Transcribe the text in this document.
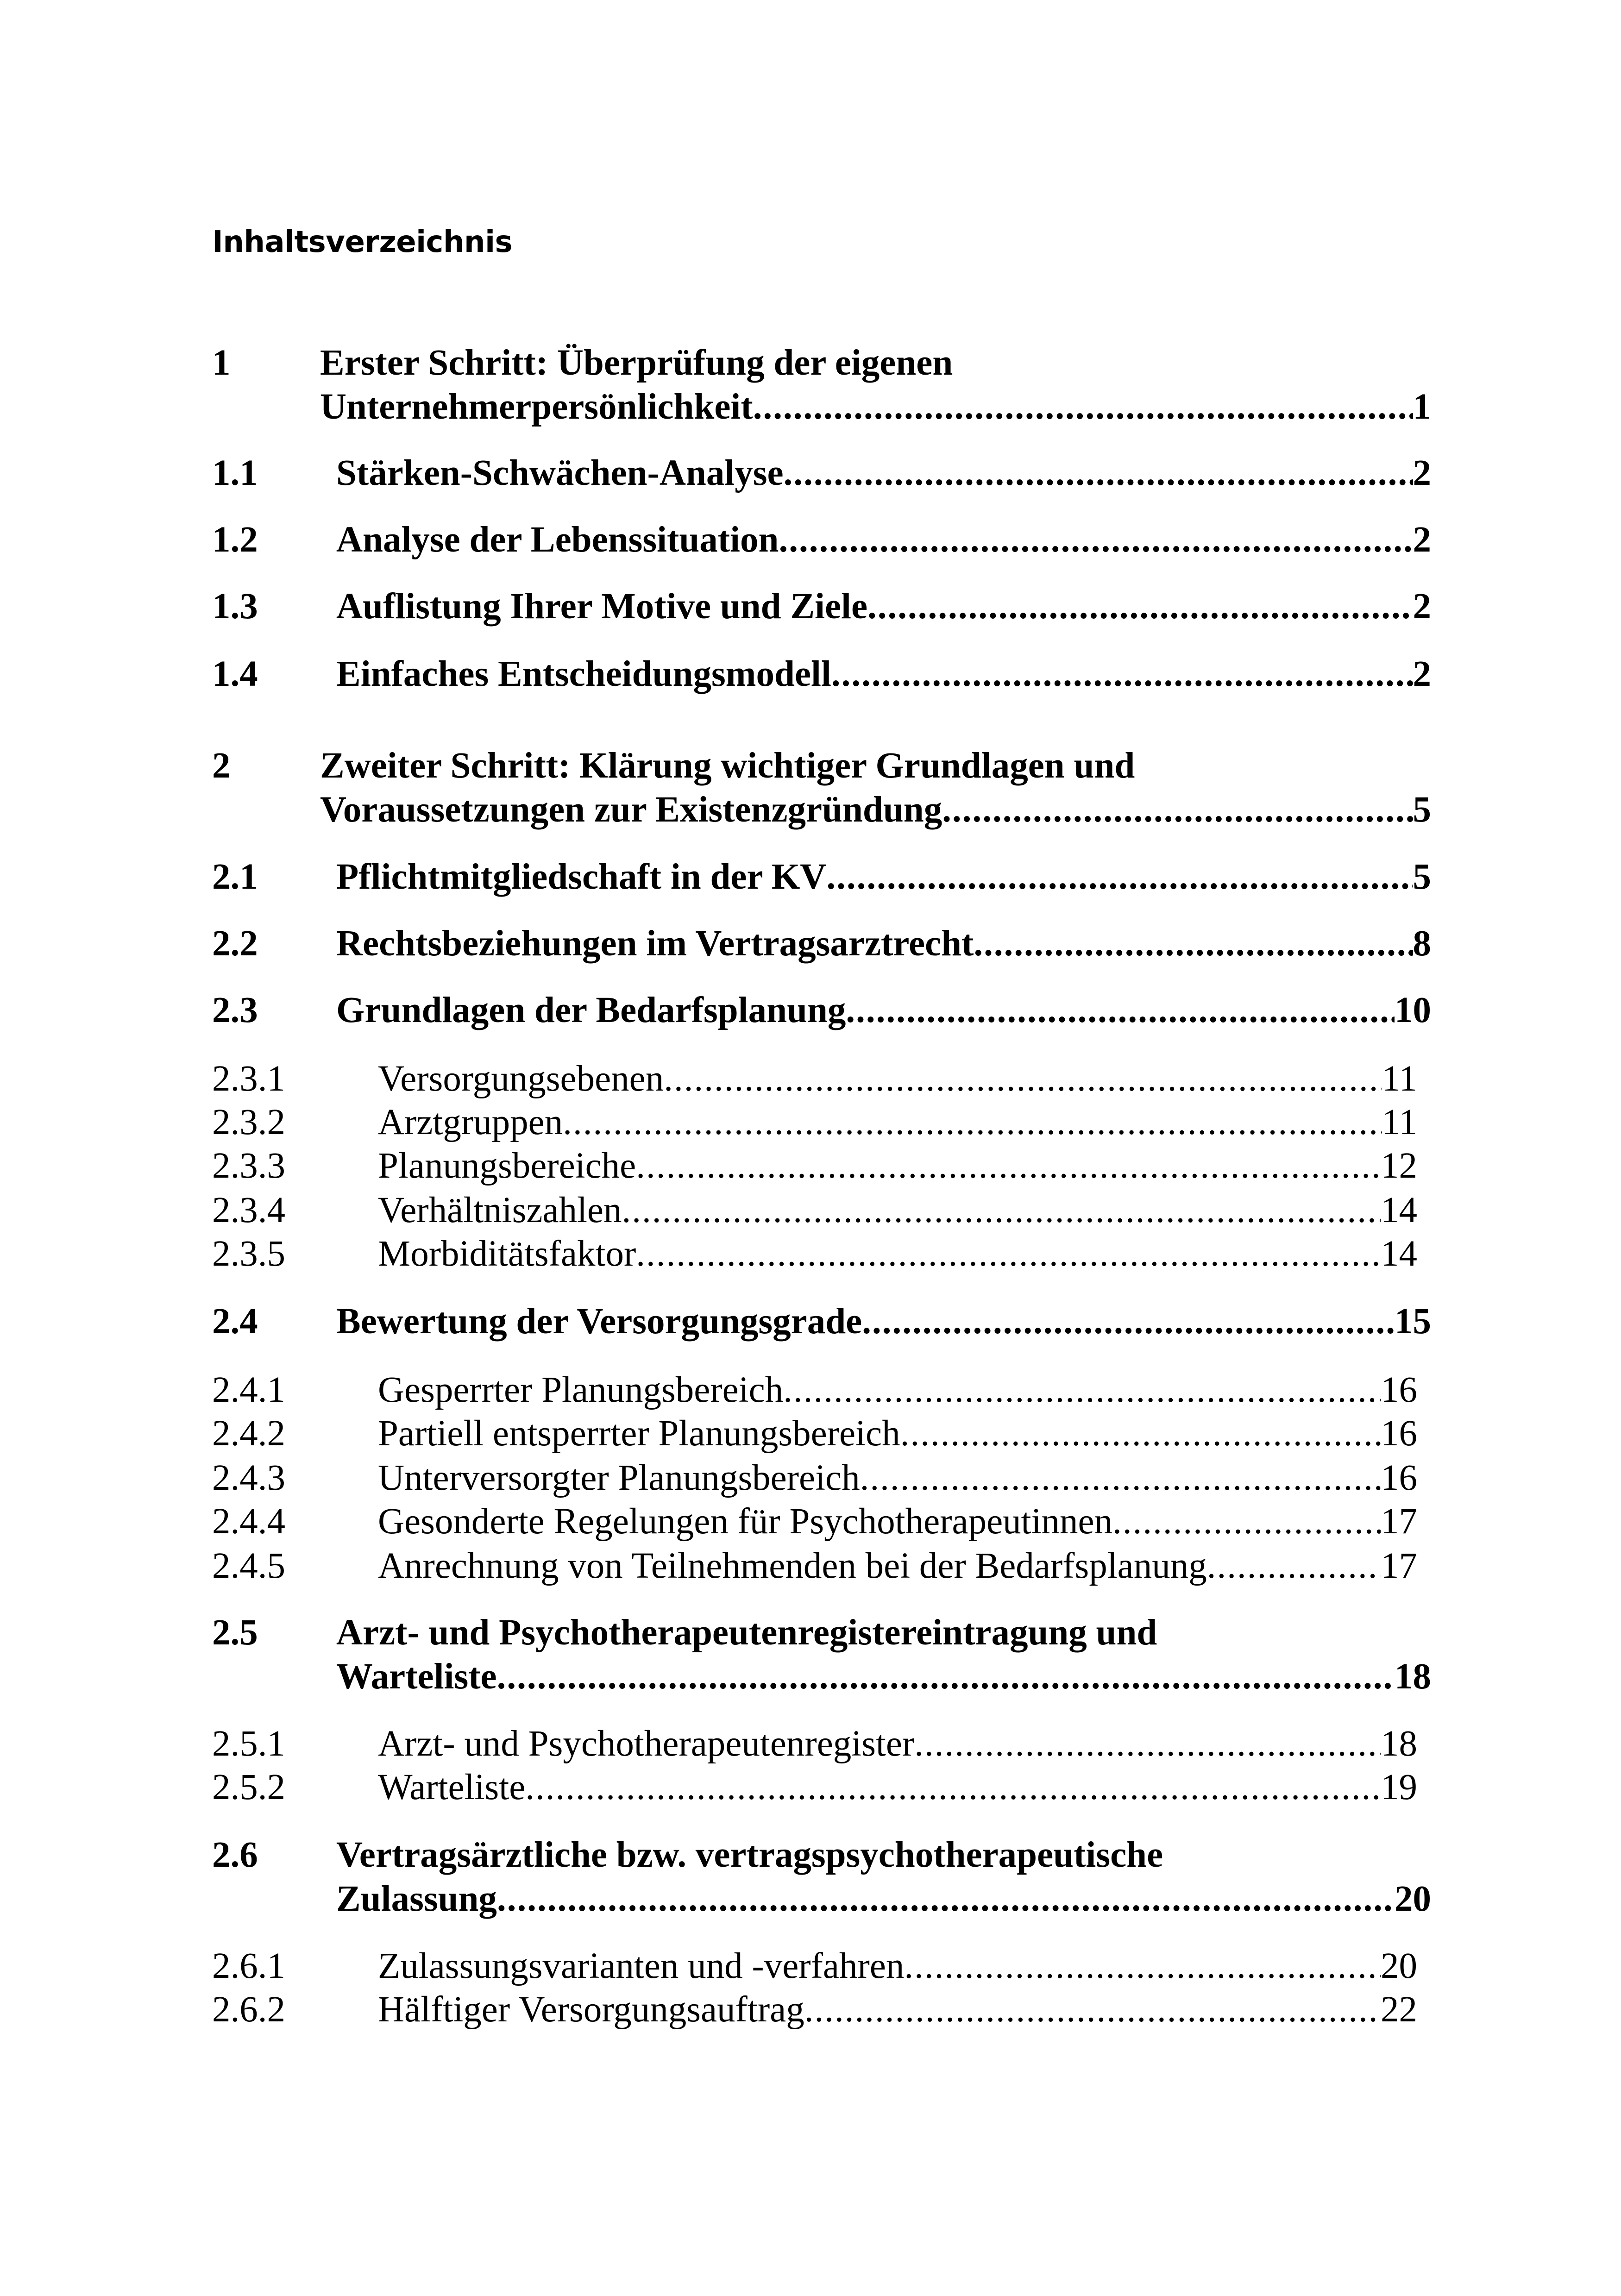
Inhaltsverzeichnis
1 Erster Schritt: Überprüfung der eigenen
Unternehmerpersönlichkeit .....	1
1.1 Stärken-Schwächen-Analyse .....	2
1.2 Analyse der Lebenssituation .....	2
1.3 Auflistung Ihrer Motive und Ziele .....	2
1.4 Einfaches Entscheidungsmodell .....	2
2 Zweiter Schritt: Klärung wichtiger Grundlagen und
Voraussetzungen zur Existenzgründung .....	5
2.1 Pflichtmitgliedschaft in der KV .....	5
2.2 Rechtsbeziehungen im Vertragsarztrecht .....	8
2.3 Grundlagen der Bedarfsplanung .....	10
2.3.1	Versorgungsebenen .....	11
2.3.2	Arztgruppen .....	11
2.3.3	Planungsbereiche .....	12
2.3.4	Verhältniszahlen .....	14
2.3.5	Morbiditätsfaktor .....	14
2.4 Bewertung der Versorgungsgrade .....	15
2.4.1	Gesperrter Planungsbereich .....	16
2.4.2	Partiell entsperrter Planungsbereich .....	16
2.4.3	Unterversorgter Planungsbereich .....	16
2.4.4	Gesonderte Regelungen für Psychotherapeutinnen .....	17
2.4.5	Anrechnung von Teilnehmenden bei der Bedarfsplanung .....	17
2.5 Arzt- und Psychotherapeutenregistereintragung und
Warteliste .....	18
2.5.1	Arzt- und Psychotherapeutenregister .....	18
2.5.2	Warteliste .....	19
2.6 Vertragsärztliche bzw. vertragspsychotherapeutische
Zulassung .....	20
2.6.1	Zulassungsvarianten und -verfahren .....	20
2.6.2	Hälftiger Versorgungsauftrag .....	22
